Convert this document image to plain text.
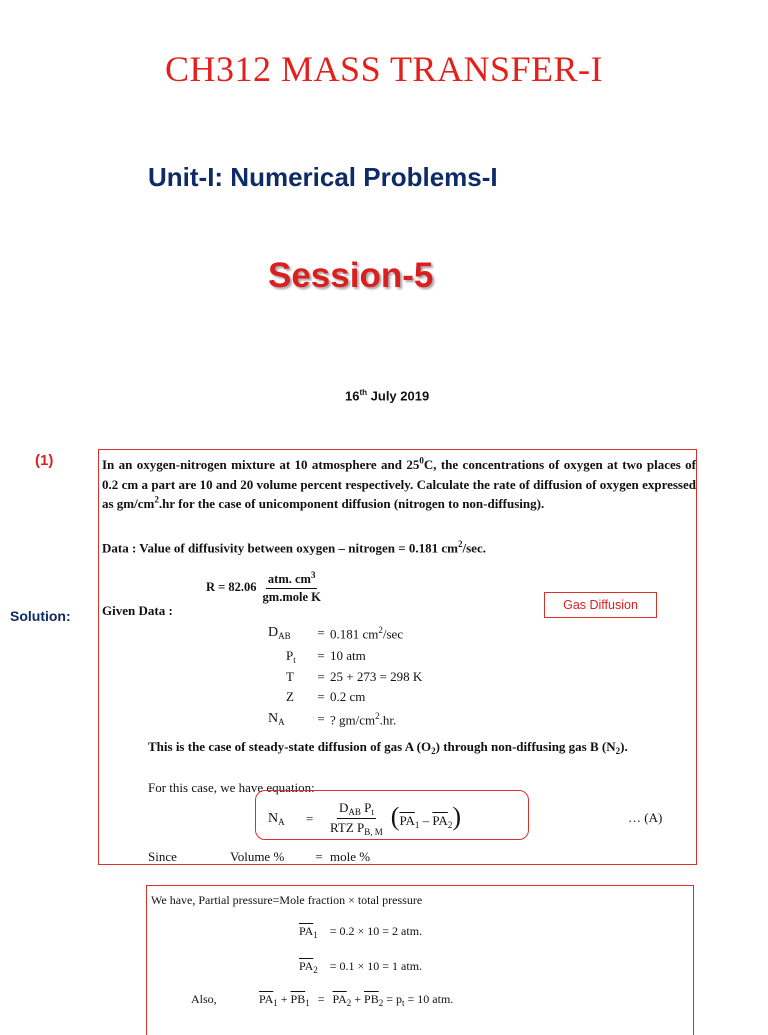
CH312 MASS TRANSFER-I
Unit-I: Numerical Problems-I
Session-5
16th July 2019
(1)
Solution:
In an oxygen-nitrogen mixture at 10 atmosphere and $25^0C$, the concentrations of oxygen at two places of 0.2 cm a part are 10 and 20 volume percent respectively. Calculate the rate of diffusion of oxygen expressed as $gm/cm^2.hr$ for the case of unicomponent diffusion (nitrogen to non-diffusing).
Data : Value of diffusivity between oxygen – nitrogen = 0.181 $cm^2/\sec$.
$R = 82.06 \frac{atm. cm^3}{\text{gm.mole K}}$
Given Data :	Gas Diffusion
$D_{AB}$	= 0.181 $cm^2/\sec$
$P_t$	= 10 atm
T	= 25 + 273 = 298 K
Z	= 0.2 cm
$N_A$	= ? $gm/cm^2.hr$.
This is the case of steady-state diffusion of gas A $(O_2)$ through non-diffusing gas B $(N_2)$.
For this case, we have equation:
$N_A$	=	$\frac{D_{AB} P_t}{RTZ P_{B, M}} (\overline{PA}_1 - \overline{PA}_2)$	… (A)
Since	Volume %	= mole %
We have, Partial pressure=Mole fraction × total pressure
$\overline{PA}_1 = 0.2 \times 10 = 2$ atm.
$\overline{PA}_2 = 0.1 \times 10 = 1$ atm.
Also,	$\overline{PA}_1 + \overline{PB}_1 = \overline{PA}_2 + \overline{PB}_2 = p_t = 10$ atm.
